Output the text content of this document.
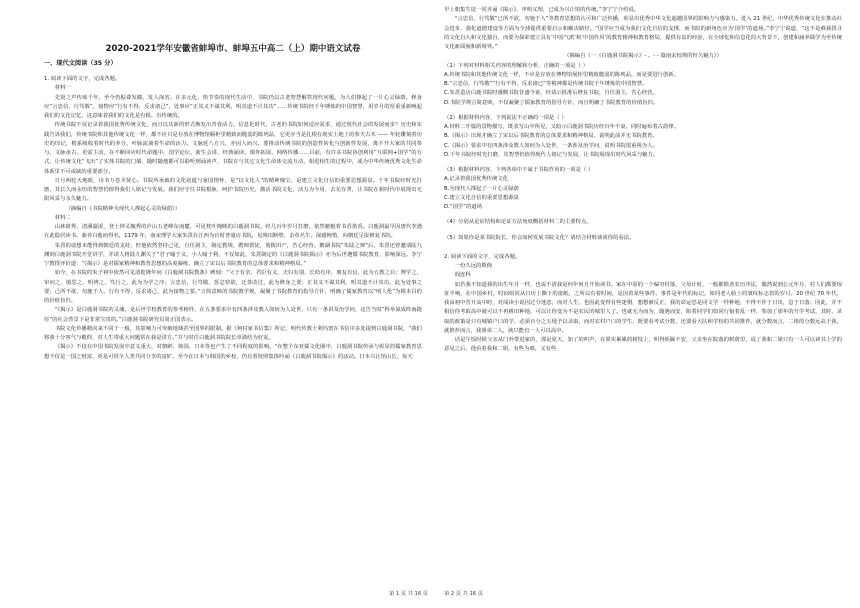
2020-2021学年安徽省蚌埠市、蚌埠五中高二（上）期中语文试卷
一、现代文阅读（35 分）
1. 阅读下面的文字，完成各题。
材料一
先贤之声传颂千年，至今仍振聋发聩，发人深省。在多元化、快节奏的现代生活中，书院仍以古老智慧解答现代问题。为人们撑起了一片心灵绿荫。修身应“言忠信，行笃敬”，接物应“行有不得，反求诸己”，处事应“正其义不谋其利，明其道不计其功”……传统书院经千年锤炼的中国智慧，用岁月的厚重重新唤起我们的文化记忆，这意味着我们的文化是有根、有传统的。
传统书院不仅记录着我国优秀传统文化，而且以其新的形式焕发出青春活力。信息化时代，古老的书院如何适应需求，通过现代社会的发展而步？历史和实践告诉我们，传统书院和其他传统文化一样，都不应只是存放在博物馆橱柜里精致而脆弱的陈列品，它更应当是扎根在现实土地上的参天古木 —— 年轮雕刻着历史的印记，根系吸收着时代的养分，叶脉流淌着生命的活力。文脉延八方兴，亦因人而兴。要推动传统书院的创造性转化与创新性发展，离不开大家的共同参与。文脉承古，更需主动，在不断回应时代命题中，国学论坛、新生会讲、经典诵读、课外拓展、网络传播……目前，有许多书院协创利用“互联网+国学”的方式，让传统文化“飞出”了实体书院的门墙，随时随地都可以聆听到诵读声，书院在与其它文化生命体交流互动、相进相生的过程中，成为中华传统优秀文化生命体系里不可或缺的重要部分。
日月两轮天地眼，诗书万卷圣贤心。书院所承载的文化底蕴与家国情怀，是“以文化人”的精神瑰宝，是建立文化自信的重要思想源泉。千年书院经时光打磨，其长久而永恒的智慧仍值得我们人铭记与发展。我们应守住书院根脉，呵护书院历史，激活书院文化，活力为今用，去芜存菁，让书院在新时代中展现出无限风采与永久魅力。
（摘编自《书院精神为现代人撑起心灵的绿荫》）
材料二
山林蔚秀，清溪潺湲，登上钟灵毓秀的庐山五老峰东南麓，可见枕叶掩映的白鹿洞书院。经几百年岁月打磨，依然魁魁着书香墨香。白鹿洞最早因唐代李渤在此隐居读书、豢养白鹿而得名，1179 年，南宋理学大家朱熹在江西为官时普通访书院，见残垣断壁，杂草丛生，深感惋惜，向朝廷呈报修复书院。
朱熹的设想未能得到朝廷的支持，但他依然坚持己见，自任洞主，制定教规，聘师置徒，划拨田产，苦心经营。鹅湖书院“朱陆之辩”后，朱熹还曾邀请陆九渊到白鹿洞书院开堂讲学，并请人将陆九渊关于“君子喻于义，小人喻于利，不仅如此，朱熹制定的《白鹿洞书院揭示》亦为后世遵循书院教育，影响深远。李宁宁教授评价道：“《揭示》是对儒家精神和教育思想的高度凝练，确立了宋以后书院教育的总体要求和精神格局。”
如今，在书院的朱子祠中依然可见清乾隆年间《白鹿洞书院教条》碑刻：“父子有亲，君臣有义，夫妇有别，长幼有序，朋友有信，此为五教之目；博学之，审问之，慎思之，明辨之，笃行之，此为为学之序；言忠信，行笃敬，惩忿窒欲，迁善改过，此为修身之要；正其义不谋其利，明其道不计其功，此为处事之要；己所不欲，勿施于人，行有不得，反求诸己，此为接物之要。”言简意赅的书院教学规，凝聚了书院教育的指导方针，明确了儒家教育以“明人伦”为根本目的的价值旨归。
“《揭示》是白鹿洞书院的灵魂，是后世学校教育的参考榜样，在五条要求中有四条涉及教人如何为人处世，只有一条讲及治学问，这告当时“科举氮成终南捷径”的社会背景下是非常宝贵的。”白鹿洞书院研究员周正国表示。
书院文化传播精向来不同于一般，其影响力可突破地域甚至国界的限制。据《柯村家书信集》所记，明代传教士利玛窦在书信中多处提到白鹿洞书院，“我们将我十分客气与敬仰，对人生带重大问题常在我是讲方。”并与时任白鹿洞书院院长章潢结为好友。
《揭示》不仅在中国书院发展中意义重大，对朝鲜、韩国、日本等也产生了不同程度的影响。“在整个东亚儒文化圈中，白鹿洞书院传承与彰显的儒家教育思想不仅是一国之财富，更是可供全人类共同分享的富矿。至今在日本与韩国的乡校，仍有着按照集体吟诵《白鹿洞书院揭示》的活动。日本兴让馆山长，每天
第 1 页 共 16 页
早上朝集生徒一同齐诵《揭示》，申明义理，已成为兴让馆的传统。”李宁宁介绍说。
“言忠信，行笃敬”已所不欲，勿施于人”等教育思想的认可和广泛传播，彰显出优秀中华文化超越国界的影响力与感染力。进入 21 世纪，中华优秀传统文化在推动社会进步，强化道德建设等方面为全球提供重要启示和解决路径。“国学应当成为我们文化自信的支撑，而书院的新角色应为‘国学’的道场。”李宁宁说道，“这不是难我找寻的文化自大和文化独自，而要为探索建立具有‘中国气派’和‘中国作风’的教育精神和教育格局，提供有益的经验，在全球化和信息化的大背景下，创建和涵养儒学为至传统文化新面貌和新境界。”
（摘编自《一《白鹿洞书院揭示》- 、- - 篇南宋校规的恒久魅力》）
（1）下列对材料相关内容的理解和分析，正确的一项是（ ）
A.传统书院和其他传统文化一样，不应是存放在博物馆展柜里精致脆弱的陈列品，而是要进行创新。
B.“言忠信，行笃敬”“行有不得，反求诸已”等精神都是传统书院千年锤炼的中国智慧。
C.朱熹造访白鹿书院时感慨书院昔盛今衰，经请示批准后修复书院，自任洞主，苦心经营。
D.书院学规言简意赅，不仅凝聚了儒家教育的指导方针，而且明确了书院教育的价值旨归。
（2）根据材料内容，下列说法不正确的一项是（ ）
A.材料二开篇的景物描写，既表写山中所见，又暗示白鹿洞书院历经百年不衰、同时遍布着古韵律。
B.《揭示》出现才确立了宋以后书院教育的总体要求和精神格局，说明此前并无书院教育。
C.《揭示》要求中有四条涉及教人如何为人处世，一条涉及治学问，说明书院很重视为人。
D.千年书院经时光打磨，其智慧仍值得现代人铭记与发展，让书院展现出时代风采与魅力。
（3）根据材料内容，下列各项中不属于书院作用的一项是（ ）
A.记录着我国优秀传统文化
B.为现代人撑起了一片心灵绿荫
C.建立文化自信的重要思想源泉
D.“国学”的道场
（4）分别从论证结构和论证方法角度概括材料二的主要特点。
（5）如果你是某书院院长，你会如何发展书院文化？请结合材料谈谈你的看法。
2. 阅读下面的文字，完成各题。
一份久远的欺侮
阎连科
如若我不知道我的出生年月一样，也说不清我是何年何月开始读书。家在中原的一个偏穷村落，父母计时，一般都惯者农历序法，偶然说到公元年月，村人们都要惊征半响，在中国乡村，时间如同从日历上撕下的废纸，之所以有着时间，是因着某些事件、事件是年代的标记。如同老人脸上的皱纹标志着的岁月。20 世纪 70 年代，我由初中晋升高中时，对阅读小说因过分迷恋，而对人生，也因此变得有些迷惘，想想被反正，我的命运恐是同文学一样种地，不得不作于日出，息于日落；因此，并不相信你考取高中就可以不再耕田种地，可以让你变为不是农民的城里人了。也就无为而为，随遇而安，陷着同学们如同行狼着乱一样，参加了那年的升学考试，其时，录取的政策是只有城镇户口的学，必须百分之五地予以录取，而对农村户口的学生，既要看考试分数，还要看大队和学校的共同推荐，就分数而言，二组的分数远高于我，就推荐而言，我姐弟二人，就只能有一人可以高中。
话是午饭时候父亲从门外带进家的，那是夏天，知了的叫声，在果实累累的树枝上，叫得烦躁不安，父亲坐在院落的树荫里，说了我和二姐只有一人可以读书上学的意见之后，他看着我和二姐，有些为难，又有些
第 2 页 共 16 页
